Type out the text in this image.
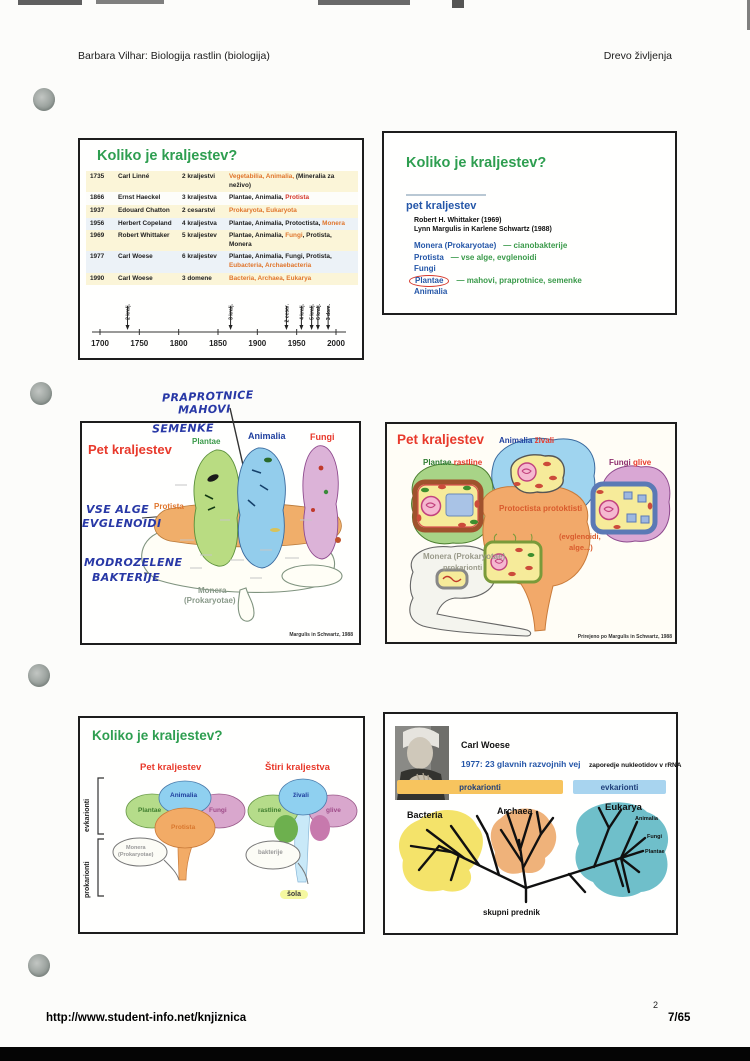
Barbara Vilhar: Biologija rastlin (biologija)	Drevo življenja
Koliko je kraljestev?
1735	Carl Linné	2 kraljestvi	Vegetabilia, Animalia, (Mineralia za neživo)
1866	Ernst Haeckel	3 kraljestva	Plantae, Animalia, Protista
1937	Edouard Chatton	2 cesarstvi	Prokaryota, Eukaryota
1956	Herbert Copeland	4 kraljestva	Plantae, Animalia, Protoctista, Monera
1969	Robert Whittaker	5 kraljestev	Plantae, Animalia, Fungi, Protista, Monera
1977	Carl Woese	6 kraljestev	Plantae, Animalia, Fungi, Protista, Eubacteria, Archaebacteria
1990	Carl Woese	3 domene	Bacteria, Archaea, Eukarya
1700	1750	1800	1850	1900	1950	2000
2 kralj.	3 kralj.	2 cesar. 4 kralj. 5 kralj. 6 kralj. 3 dom.
Koliko je kraljestev?
pet kraljestev
Robert H. Whittaker (1969)
Lynn Margulis in Karlene Schwartz (1988)
Monera (Prokaryotae) — cianobakterije
Protista — vse alge, evglenoidi
Fungi
Plantae — mahovi, praprotnice, semenke
Animalia
PRAPROTNICE
MAHOVI
SEMENKE
VSE ALGE
EVGLENOIDI
MODROZELENE
BAKTERIJE
Pet kraljestev
Plantae
Animalia	Fungi
Protista
Monera
(Prokaryotae)
Margulis in Schwartz, 1988
Pet kraljestev
Plantae rastline
Animalia živali
Fungi glive
Protoctista protoktisti
(evglenoidi,
alge...)
Monera (Prokaryotae)
prokarionti
Prirejeno po Margulis in Schwartz, 1988
Koliko je kraljestev?
Pet kraljestev	Štiri kraljestva
evkarionti
prokarionti
Animalia
Plantae	Fungi
Protista
Monera
(Prokaryotae)
živali
rastline	glive
bakterije
šola
Carl Woese
1977: 23 glavnih razvojnih vej zaporedje nukleotidov v rRNA
prokarionti	evkarionti
Bacteria	Archaea	Eukarya
Animalia
Fungi
Plantae
skupni prednik
http://www.student-info.net/knjiznica
2
7/65
